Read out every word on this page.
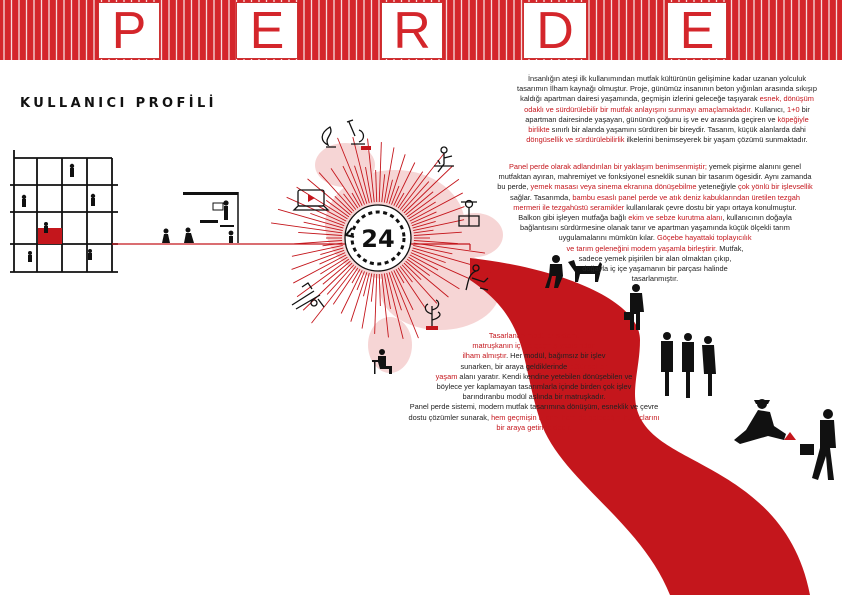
P E R D E
KULLANICI PROFİLİ
24
İnsanlığın ateşi ilk kullanımından mutfak kültürünün gelişimine kadar uzanan yolculuk
tasarımın İlham kaynağı olmuştur. Proje, günümüz insanının beton yığınları arasında sıkışıp
kaldığı apartman dairesi yaşamında, geçmişin izlerini geleceğe taşıyarak esnek, dönüşüm
odaklı ve sürdürülebilir bir mutfak anlayışını sunmayı amaçlamaktadır. Kullanıcı, 1+0 bir
apartman dairesinde yaşayan, gününün çoğunu iş ve ev arasında geçiren ve köpeğiyle
birlikte sınırlı bir alanda yaşamını sürdüren bir bireydir. Tasarım, küçük alanlarda dahi
döngüsellik ve sürdürülebilirlik ilkelerini benimseyerek bir yaşam çözümü sunmaktadır.
Panel perde olarak adlandırılan bir yaklaşım benimsenmiştir; yemek pişirme alanını genel
mutfaktan ayıran, mahremiyet ve fonksiyonel esneklik sunan bir tasarım ögesidir. Aynı zamanda
bu perde, yemek masası veya sinema ekranına dönüşebilme yeteneğiyle çok yönlü bir işlevsellik
sağlar. Tasarımda, bambu esaslı panel perde ve atık deniz kabuklarından üretilen tezgah
mermeri ile tezgahüstü seramikler kullanılarak çevre dostu bir yapı ortaya konulmuştur.
Balkon gibi işleyen mutfağa bağlı ekim ve sebze kurutma alanı, kullanıcının doğayla
bağlantısını sürdürmesine olanak tanır ve apartman yaşamında küçük ölçekli tarım
uygulamalarını mümkün kılar. Göçebe hayattaki toplayıcılık
ve tarım geleneğini modern yaşamla birleştirir. Mutfak,
sadece yemek pişirilen bir alan olmaktan çıkıp,
doğayla iç içe yaşamanın bir parçası halinde
tasarlanmıştır.
Tasarlanan modüler sistem,
matruşkanın iç içe geçmiş yapısından
ilham almıştır. Her modül, bağımsız bir işlev
sunarken, bir araya geldiklerinde bütünsel bir
yaşam alanı yaratır. Kendi kendine yetebilen dönüşebilen ve
böylece yer kaplamayan tasarımlarla içinde birden çok işlev
barındıranbu modül aslında bir matruşkadır.
Panel perde sistemi, modern mutfak tasarımına dönüşüm, esneklik ve çevre
dostu çözümler sunarak, hem geçmişin izlerini hem de geleceğin ihtiyaçlarını
bir araya getirmektedir.
